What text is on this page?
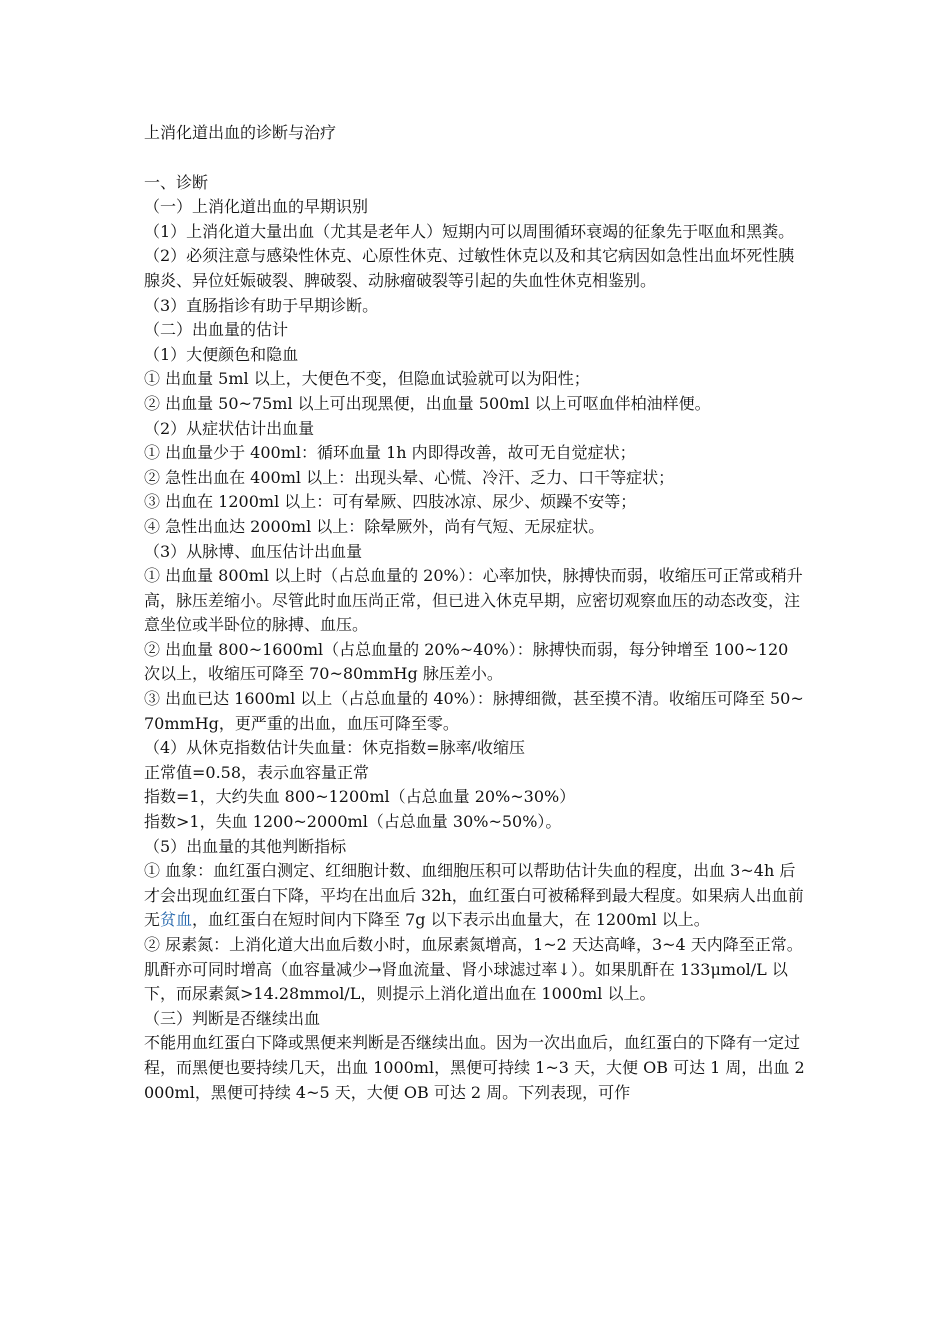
上消化道出血的诊断与治疗

一、诊断

（一）上消化道出血的早期识别

（1）上消化道大量出血（尤其是老年人）短期内可以周围循环衰竭的征象先于呕血和黑粪。

（2）必须注意与感染性休克、心原性休克、过敏性休克以及和其它病因如急性出血坏死性胰腺炎、异位妊娠破裂、脾破裂、动脉瘤破裂等引起的失血性休克相鉴别。

（3）直肠指诊有助于早期诊断。

（二）出血量的估计

（1）大便颜色和隐血

① 出血量 5ml 以上，大便色不变，但隐血试验就可以为阳性；

② 出血量 50~75ml 以上可出现黑便，出血量 500ml 以上可呕血伴柏油样便。

（2）从症状估计出血量

① 出血量少于 400ml：循环血量 1h 内即得改善，故可无自觉症状；

② 急性出血在 400ml 以上：出现头晕、心慌、冷汗、乏力、口干等症状；

③ 出血在 1200ml 以上：可有晕厥、四肢冰凉、尿少、烦躁不安等；

④ 急性出血达 2000ml 以上：除晕厥外，尚有气短、无尿症状。

（3）从脉博、血压估计出血量

① 出血量 800ml 以上时（占总血量的 20%）：心率加快，脉搏快而弱，收缩压可正常或稍升高，脉压差缩小。尽管此时血压尚正常，但已进入休克早期，应密切观察血压的动态改变，注意坐位或半卧位的脉搏、血压。

② 出血量 800~1600ml（占总血量的 20%~40%）：脉搏快而弱，每分钟增至 100~120 次以上，收缩压可降至 70~80mmHg 脉压差小。

③ 出血已达 1600ml 以上（占总血量的 40%）：脉搏细微，甚至摸不清。收缩压可降至 50~70mmHg，更严重的出血，血压可降至零。

（4）从休克指数估计失血量：休克指数=脉率/收缩压

正常值=0.58，表示血容量正常

指数=1，大约失血 800~1200ml（占总血量 20%~30%）

指数>1，失血 1200~2000ml（占总血量 30%~50%）。

（5）出血量的其他判断指标

① 血象：血红蛋白测定、红细胞计数、血细胞压积可以帮助估计失血的程度，出血 3~4h 后才会出现血红蛋白下降，平均在出血后 32h，血红蛋白可被稀释到最大程度。如果病人出血前无贫血，血红蛋白在短时间内下降至 7g 以下表示出血量大，在 1200ml 以上。

② 尿素氮：上消化道大出血后数小时，血尿素氮增高，1~2 天达高峰，3~4 天内降至正常。肌酐亦可同时增高（血容量减少→肾血流量、肾小球滤过率↓）。如果肌酐在 133μmol/L 以下，而尿素氮>14.28mmol/L，则提示上消化道出血在 1000ml 以上。

（三）判断是否继续出血

不能用血红蛋白下降或黑便来判断是否继续出血。因为一次出血后，血红蛋白的下降有一定过程，而黑便也要持续几天，出血 1000ml，黑便可持续 1~3 天，大便 OB 可达 1 周，出血 2000ml，黑便可持续 4~5 天，大便 OB 可达 2 周。下列表现，可作
